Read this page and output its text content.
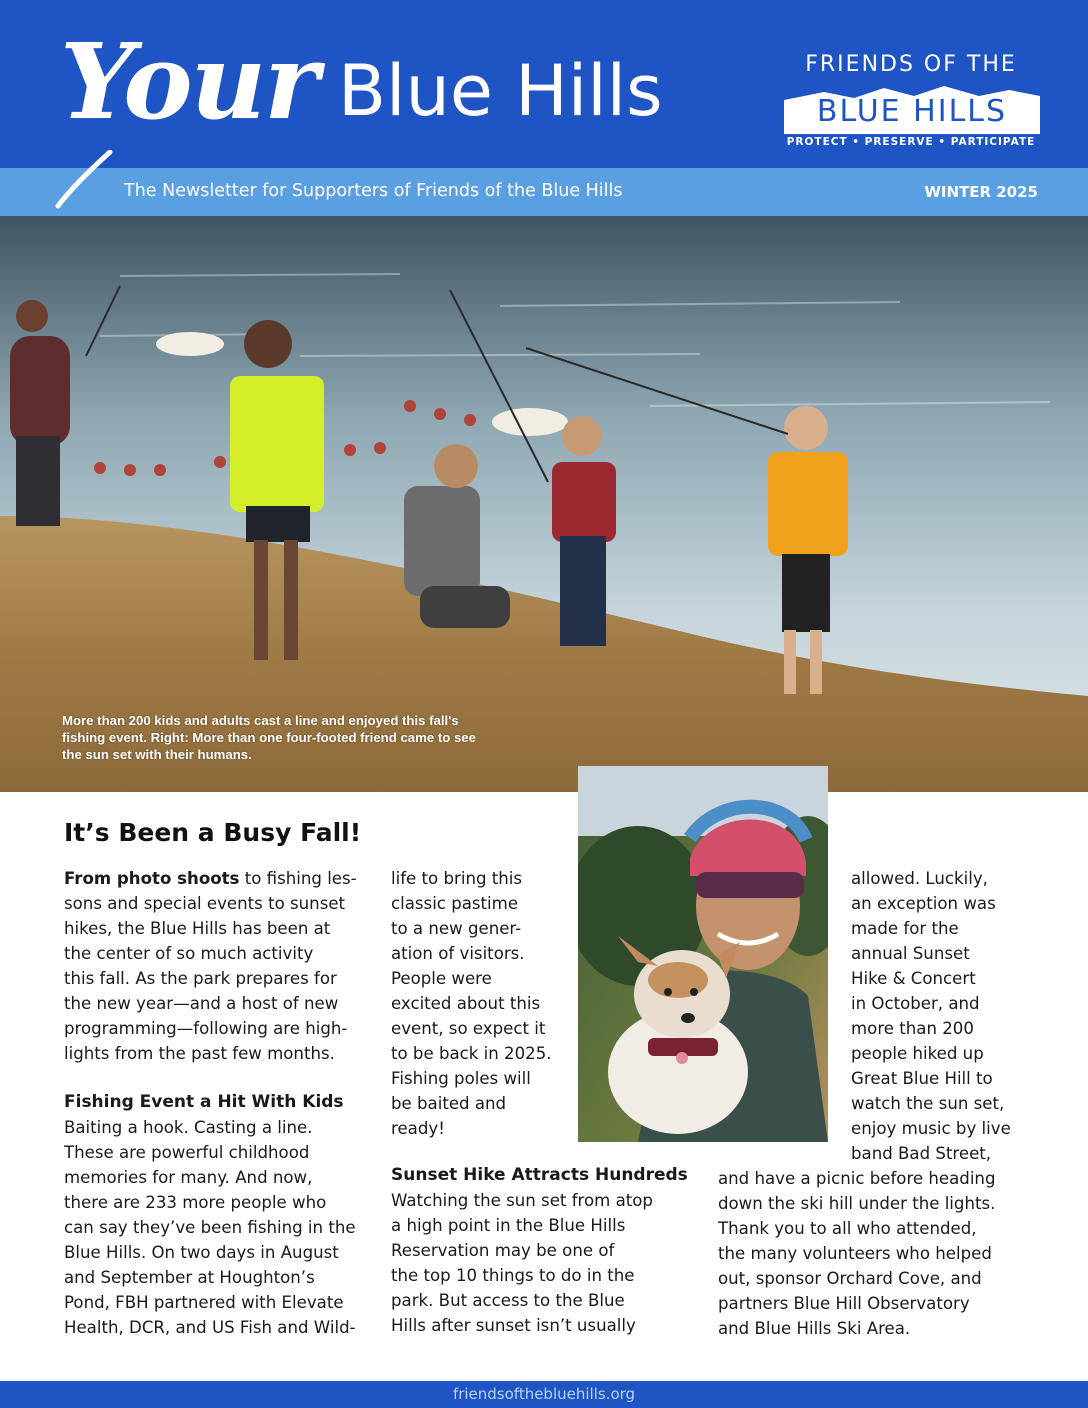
Your Blue Hills	FRIENDS OF THE
BLUE HILLS
PROTECT • PRESERVE • PARTICIPATE
The Newsletter for Supporters of Friends of the Blue Hills	WINTER 2025
More than 200 kids and adults cast a line and enjoyed this fall's fishing event. Right: More than one four-footed friend came to see the sun set with their humans.
It’s Been a Busy Fall!

From photo shoots to fishing les-
sons and special events to sunset
hikes, the Blue Hills has been at
the center of so much activity
this fall. As the park prepares for
the new year—and a host of new
programming—following are high-
lights from the past few months.

Fishing Event a Hit With Kids

Baiting a hook. Casting a line.
These are powerful childhood
memories for many. And now,
there are 233 more people who
can say they’ve been fishing in the
Blue Hills. On two days in August
and September at Houghton’s
Pond, FBH partnered with Elevate
Health, DCR, and US Fish and Wild-

life to bring this
classic pastime
to a new gener-
ation of visitors.
People were
excited about this
event, so expect it
to be back in 2025.
Fishing poles will
be baited and
ready!

Sunset Hike Attracts Hundreds

Watching the sun set from atop
a high point in the Blue Hills
Reservation may be one of
the top 10 things to do in the
park. But access to the Blue
Hills after sunset isn’t usually

allowed. Luckily,
an exception was
made for the
annual Sunset
Hike & Concert
in October, and
more than 200
people hiked up
Great Blue Hill to
watch the sun set,
enjoy music by live
band Bad Street,

and have a picnic before heading
down the ski hill under the lights.
Thank you to all who attended,
the many volunteers who helped
out, sponsor Orchard Cove, and
partners Blue Hill Observatory
and Blue Hills Ski Area.

friendsofthebluehills.org
